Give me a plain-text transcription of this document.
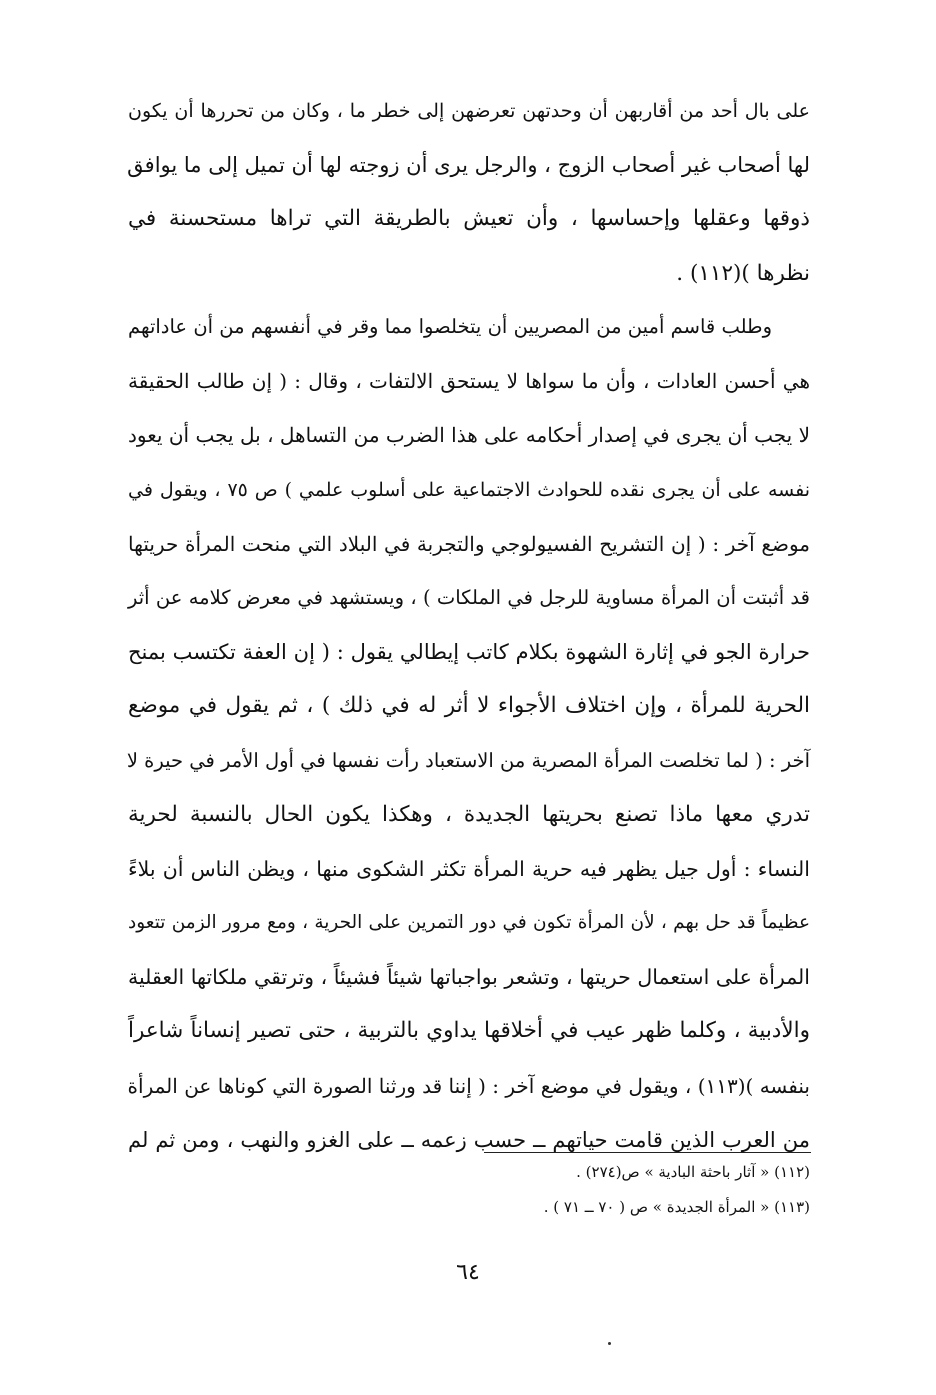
على بال أحد من أقاربهن أن وحدتهن تعرضهن إلى خطر ما ، وكان من تحررها أن يكون
لها أصحاب غير أصحاب الزوج ، والرجل يرى أن زوجته لها أن تميل إلى ما يوافق
ذوقها وعقلها وإحساسها ، وأن تعيش بالطريقة التي تراها مستحسنة في
نظرها )(١١٢) .
وطلب قاسم أمين من المصريين أن يتخلصوا مما وقر في أنفسهم من أن عاداتهم
هي أحسن العادات ، وأن ما سواها لا يستحق الالتفات ، وقال : ( إن طالب الحقيقة
لا يجب أن يجرى في إصدار أحكامه على هذا الضرب من التساهل ، بل يجب أن يعود
نفسه على أن يجرى نقده للحوادث الاجتماعية على أسلوب علمي ) ص ٧٥ ، ويقول في
موضع آخر : ( إن التشريح الفسيولوجي والتجربة في البلاد التي منحت المرأة حريتها
قد أثبتت أن المرأة مساوية للرجل في الملكات ) ، ويستشهد في معرض كلامه عن أثر
حرارة الجو في إثارة الشهوة بكلام كاتب إيطالي يقول : ( إن العفة تكتسب بمنح
الحرية للمرأة ، وإن اختلاف الأجواء لا أثر له في ذلك ) ، ثم يقول في موضع
آخر : ( لما تخلصت المرأة المصرية من الاستعباد رأت نفسها في أول الأمر في حيرة لا
تدري معها ماذا تصنع بحريتها الجديدة ، وهكذا يكون الحال بالنسبة لحرية
النساء : أول جيل يظهر فيه حرية المرأة تكثر الشكوى منها ، ويظن الناس أن بلاءً
عظيماً قد حل بهم ، لأن المرأة تكون في دور التمرين على الحرية ، ومع مرور الزمن تتعود
المرأة على استعمال حريتها ، وتشعر بواجباتها شيئاً فشيئاً ، وترتقي ملكاتها العقلية
والأدبية ، وكلما ظهر عيب في أخلاقها يداوي بالتربية ، حتى تصير إنساناً شاعراً
بنفسه )(١١٣) ، ويقول في موضع آخر : ( إننا قد ورثنا الصورة التي كوناها عن المرأة
من العرب الذين قامت حياتهم ــ حسب زعمه ــ على الغزو والنهب ، ومن ثم لم
(١١٢) « آثار باحثة البادية » ص(٢٧٤) .
(١١٣) « المرأة الجديدة » ص ( ٧٠ ــ ٧١ ) .
٦٤
